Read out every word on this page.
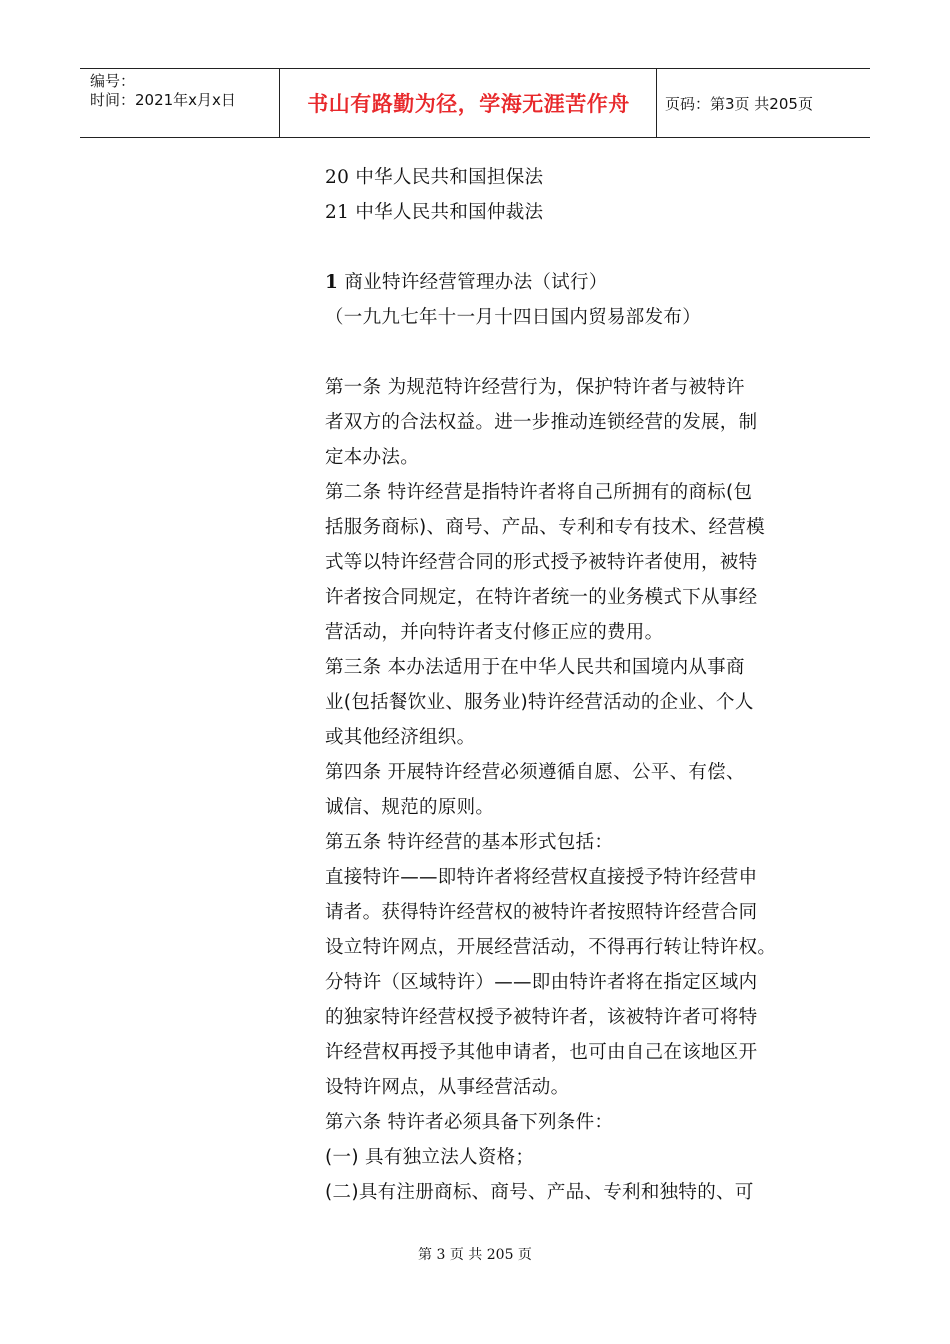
编号：
时间：2021年x月x日	书山有路勤为径，学海无涯苦作舟	页码：第3页 共205页
20 中华人民共和国担保法
21 中华人民共和国仲裁法
1 商业特许经营管理办法（试行）
（一九九七年十一月十四日国内贸易部发布）
第一条 为规范特许经营行为，保护特许者与被特许
者双方的合法权益。进一步推动连锁经营的发展，制
定本办法。
第二条 特许经营是指特许者将自己所拥有的商标(包
括服务商标)、商号、产品、专利和专有技术、经营模
式等以特许经营合同的形式授予被特许者使用，被特
许者按合同规定，在特许者统一的业务模式下从事经
营活动，并向特许者支付修正应的费用。
第三条 本办法适用于在中华人民共和国境内从事商
业(包括餐饮业、服务业)特许经营活动的企业、个人
或其他经济组织。
第四条 开展特许经营必须遵循自愿、公平、有偿、
诚信、规范的原则。
第五条 特许经营的基本形式包括：
直接特许——即特许者将经营权直接授予特许经营申
请者。获得特许经营权的被特许者按照特许经营合同
设立特许网点，开展经营活动，不得再行转让特许权。
分特许（区域特许）——即由特许者将在指定区域内
的独家特许经营权授予被特许者，该被特许者可将特
许经营权再授予其他申请者，也可由自己在该地区开
设特许网点，从事经营活动。
第六条 特许者必须具备下列条件：
(一) 具有独立法人资格；
(二)具有注册商标、商号、产品、专利和独特的、可
第 3 页 共 205 页
